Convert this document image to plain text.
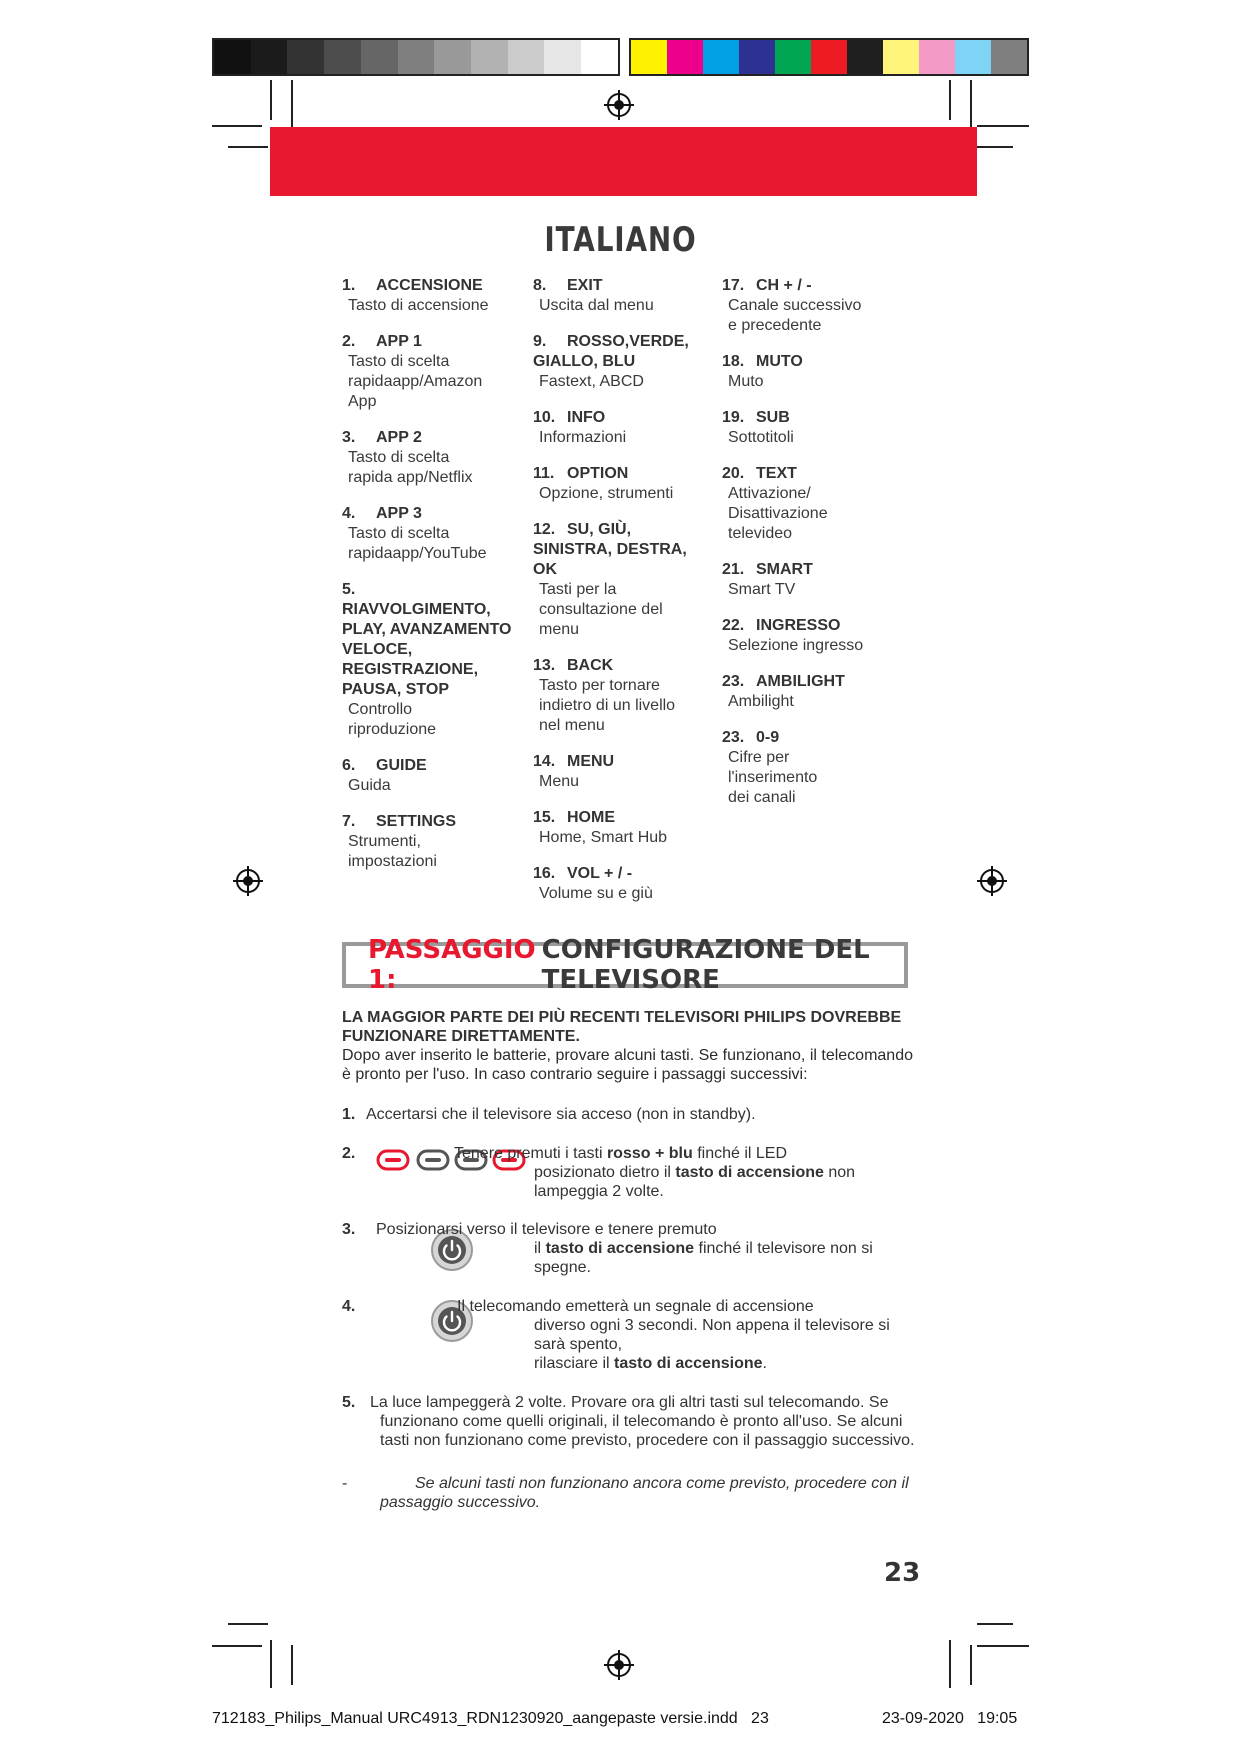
ITALIANO
1. ACCENSIONE
Tasto di accensione
2. APP 1
Tasto di scelta
rapidaapp/Amazon
App
3. APP 2
Tasto di scelta
rapida app/Netflix
4. APP 3
Tasto di scelta
rapidaapp/YouTube
5.RIAVVOLGIMENTO, PLAY, AVANZAMENTO VELOCE, REGISTRAZIONE, PAUSA, STOP
Controllo
riproduzione
6. GUIDE
Guida
7. SETTINGS
Strumenti,
impostazioni
8. EXIT
Uscita dal menu
9. ROSSO,VERDE, GIALLO, BLU
Fastext, ABCD
10. INFO
Informazioni
11. OPTION
Opzione, strumenti
12. SU, GIÙ, SINISTRA, DESTRA, OK
Tasti per la
consultazione del
menu
13. BACK
Tasto per tornare
indietro di un livello
nel menu
14. MENU
Menu
15. HOME
Home, Smart Hub
16. VOL + / -
Volume su e giù
17. CH + / -
Canale successivo
e precedente
18. MUTO
Muto
19. SUB
Sottotitoli
20. TEXT
Attivazione/
Disattivazione
televideo
21. SMART
Smart TV
22. INGRESSO
Selezione ingresso
23. AMBILIGHT
Ambilight
23. 0-9
Cifre per
l'inserimento
dei canali
PASSAGGIO 1:
CONFIGURAZIONE DEL TELEVISORE
LA MAGGIOR PARTE DEI PIÙ RECENTI TELEVISORI PHILIPS DOVREBBE FUNZIONARE DIRETTAMENTE.
Dopo aver inserito le batterie, provare alcuni tasti. Se funzionano, il telecomando è pronto per l'uso. In caso contrario seguire i passaggi successivi:
1. Accertarsi che il televisore sia acceso (non in standby).
2.	Tenere premuti i tasti rosso + blu finché il LED
posizionato dietro il tasto di accensione non
lampeggia 2 volte.
3. Posizionarsi verso il televisore e tenere premuto
il tasto di accensione finché il televisore non si
spegne.
4.	Il telecomando emetterà un segnale di accensione
diverso ogni 3 secondi. Non appena il televisore si
sarà spento,
rilasciare il tasto di accensione.
5. La luce lampeggerà 2 volte. Provare ora gli altri tasti sul telecomando. Se
funzionano come quelli originali, il telecomando è pronto all'uso. Se alcuni
tasti non funzionano come previsto, procedere con il passaggio successivo.
-	Se alcuni tasti non funzionano ancora come previsto, procedere con il
passaggio successivo.
23
712183_Philips_Manual URC4913_RDN1230920_aangepaste versie.indd   23	23-09-2020   19:05
